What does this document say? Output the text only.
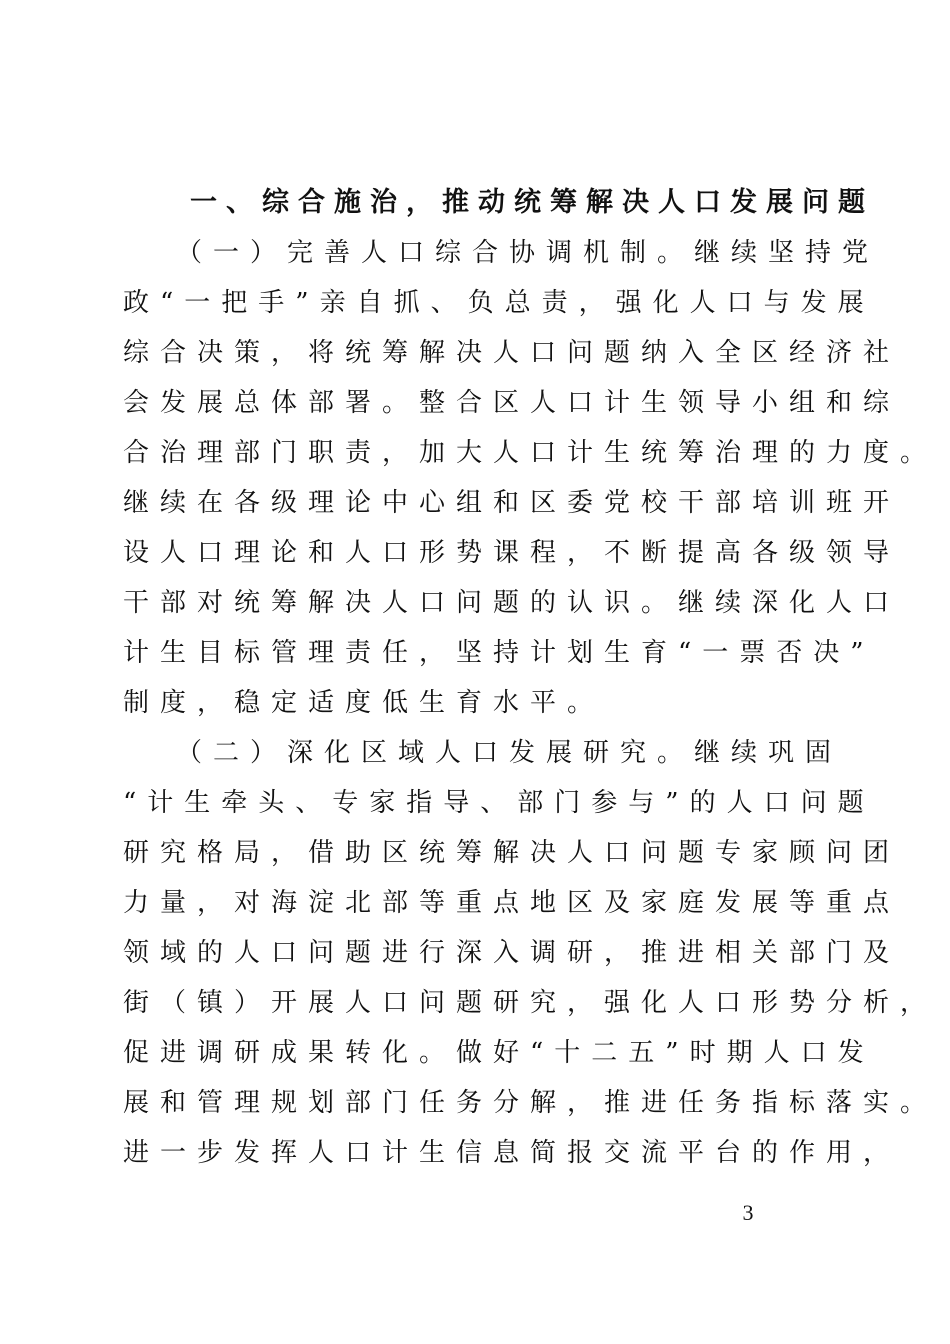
一、综合施治，推动统筹解决人口发展问题
（一）完善人口综合协调机制。继续坚持党
政“一把手”亲自抓、负总责，强化人口与发展
综合决策，将统筹解决人口问题纳入全区经济社
会发展总体部署。整合区人口计生领导小组和综
合治理部门职责，加大人口计生统筹治理的力度。
继续在各级理论中心组和区委党校干部培训班开
设人口理论和人口形势课程，不断提高各级领导
干部对统筹解决人口问题的认识。继续深化人口
计生目标管理责任，坚持计划生育“一票否决”
制度，稳定适度低生育水平。
（二）深化区域人口发展研究。继续巩固
“计生牵头、专家指导、部门参与”的人口问题
研究格局，借助区统筹解决人口问题专家顾问团
力量，对海淀北部等重点地区及家庭发展等重点
领域的人口问题进行深入调研，推进相关部门及
街（镇）开展人口问题研究，强化人口形势分析，
促进调研成果转化。做好“十二五”时期人口发
展和管理规划部门任务分解，推进任务指标落实。
进一步发挥人口计生信息简报交流平台的作用，
3
